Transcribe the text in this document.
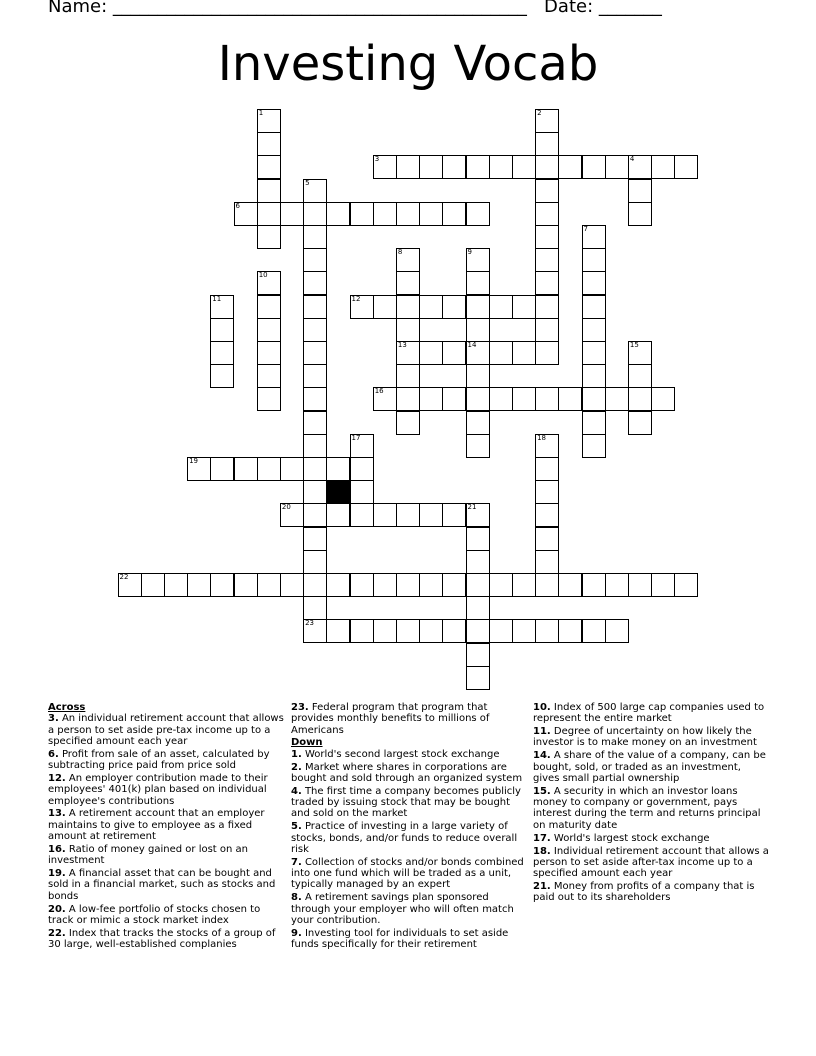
Name: ______________________________________________   Date: _______
Investing Vocab
1	2
3	4
5
23
6
7
8
13
9
14
10
11	12
15
16
17	18
19
20	21
22

Across

3. An individual retirement account that allows a person to set aside pre-tax income up to a specified amount each year

6. Profit from sale of an asset, calculated by subtracting price paid from price sold

12. An employer contribution made to their employees' 401(k) plan based on individual employee's contributions

13. A retirement account that an employer maintains to give to employee as a fixed amount at retirement

16. Ratio of money gained or lost on an investment

19. A financial asset that can be bought and sold in a financial market, such as stocks and bonds

20. A low-fee portfolio of stocks chosen to track or mimic a stock market index

22. Index that tracks the stocks of a group of 30 large, well-established complanies

23. Federal program that program that provides monthly benefits to millions of Americans

Down

1. World's second largest stock exchange

2. Market where shares in corporations are bought and sold through an organized system

4. The first time a company becomes publicly traded by issuing stock that may be bought and sold on the market

5. Practice of investing in a large variety of stocks, bonds, and/or funds to reduce overall risk

7. Collection of stocks and/or bonds combined into one fund which will be traded as a unit, typically managed by an expert

8. A retirement savings plan sponsored through your employer who will often match your contribution.

9. Investing tool for individuals to set aside funds specifically for their retirement

10. Index of 500 large cap companies used to represent the entire market

11. Degree of uncertainty on how likely the investor is to make money on an investment

14. A share of the value of a company, can be bought, sold, or traded as an investment, gives small partial ownership

15. A security in which an investor loans money to company or government, pays interest during the term and returns principal on maturity date

17. World's largest stock exchange

18. Individual retirement account that allows a person to set aside after-tax income up to a specified amount each year

21. Money from profits of a company that is paid out to its shareholders
